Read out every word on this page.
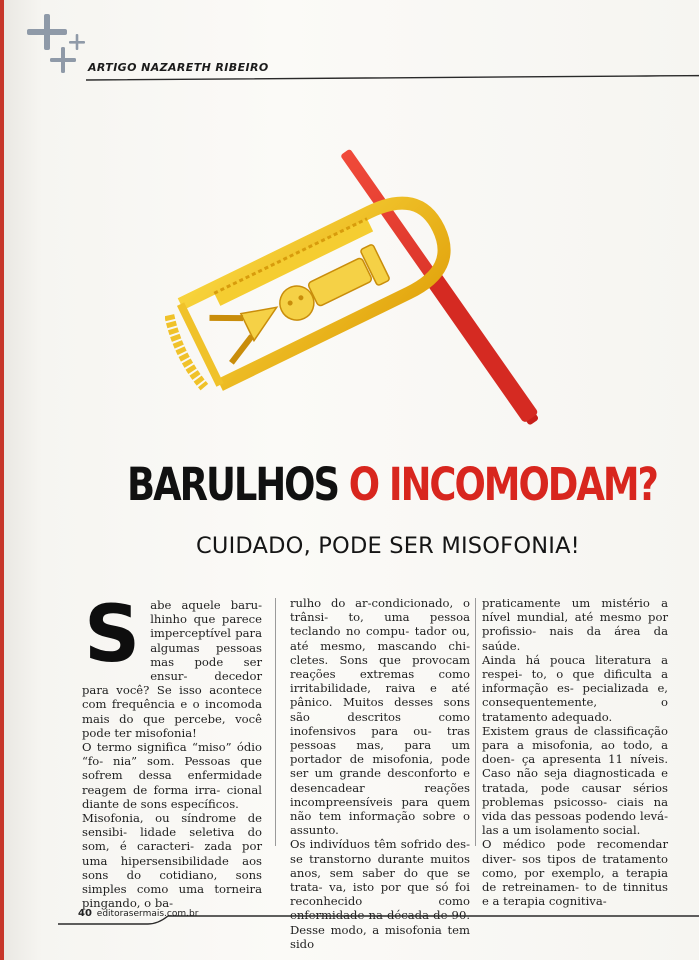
ARTIGO NAZARETH RIBEIRO
BARULHOS O INCOMODAM?
CUIDADO, PODE SER MISOFONIA!
S abe aquele baru- lhinho que parece imperceptível para algumas pessoas mas pode ser ensur- decedor para você? Se isso acontece com frequência e o incomoda mais do que percebe, você pode ter misofonia!

O termo significa “miso” ódio “fo- nia” som. Pessoas que sofrem dessa enfermidade reagem de forma irra- cional diante de sons específicos.

Misofonia, ou síndrome de sensibi- lidade seletiva do som, é caracteri- zada por uma hipersensibilidade aos sons do cotidiano, sons simples como uma torneira pingando, o ba-

rulho do ar-condicionado, o trânsi- to, uma pessoa teclando no compu- tador ou, até mesmo, mascando chi- cletes. Sons que provocam reações extremas como irritabilidade, raiva e até pânico. Muitos desses sons são descritos como inofensivos para ou- tras pessoas mas, para um portador de misofonia, pode ser um grande desconforto e desencadear reações incompreensíveis para quem não tem informação sobre o assunto.

Os indivíduos têm sofrido des- se transtorno durante muitos anos, sem saber do que se trata- va, isto por que só foi reconhecido como enfermidade na década de 90. Desse modo, a misofonia tem sido

praticamente um mistério a nível mundial, até mesmo por profissio- nais da área da saúde.

Ainda há pouca literatura a respei- to, o que dificulta a informação es- pecializada e, consequentemente, o tratamento adequado.

Existem graus de classificação para a misofonia, ao todo, a doen- ça apresenta 11 níveis. Caso não seja diagnosticada e tratada, pode causar sérios problemas psicosso- ciais na vida das pessoas podendo levá-las a um isolamento social.

O médico pode recomendar diver- sos tipos de tratamento como, por exemplo, a terapia de retreinamen- to de tinnitus e a terapia cognitiva-

40 editorasermais.com.br
